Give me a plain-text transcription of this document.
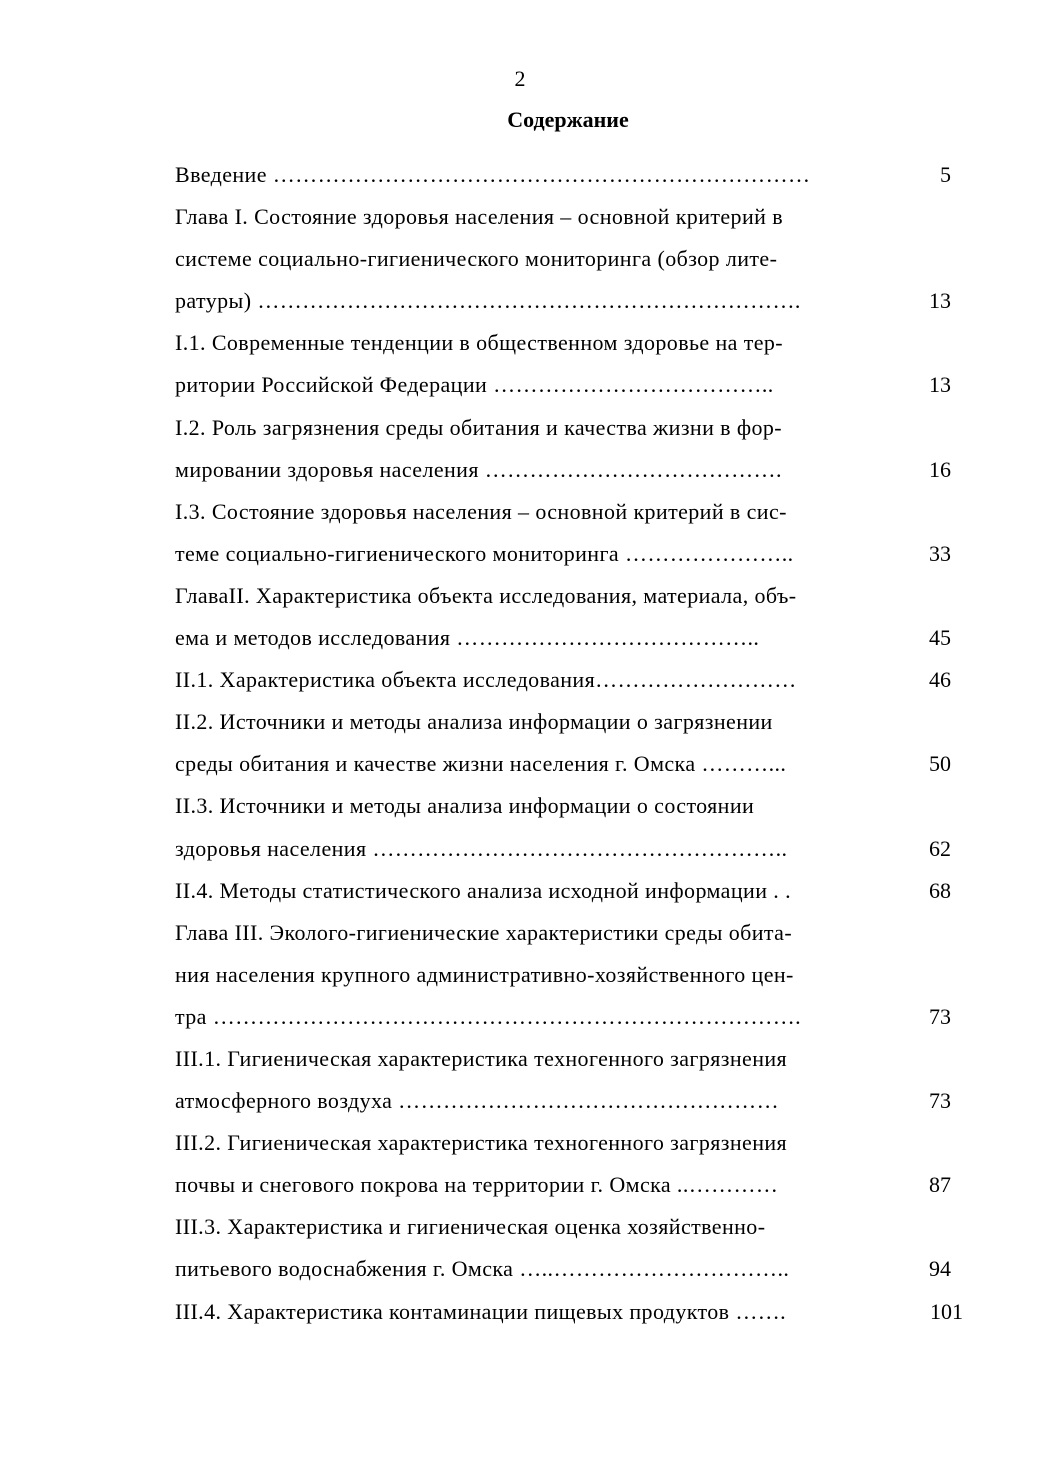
2
Содержание
Введение ………………………………………………………………	5
Глава I. Состояние здоровья населения – основной критерий в
системе социально-гигиенического мониторинга (обзор лите-
ратуры) ……………………………………………………………….	13
I.1. Современные тенденции в общественном здоровье на тер-
ритории Российской Федерации ………………………………..	13
I.2. Роль загрязнения среды обитания и качества жизни в фор-
мировании здоровья населения ………………………………….	16
I.3. Состояние здоровья населения – основной критерий в сис-
теме социально-гигиенического мониторинга …………………..	33
ГлаваII. Характеристика объекта исследования, материала, объ-
ема и методов исследования …………………………………..	45
II.1. Характеристика объекта исследования………………………	46
II.2. Источники и методы анализа информации о загрязнении
среды обитания и качестве жизни населения г. Омска ………...	50
II.3. Источники и методы анализа информации о состоянии
здоровья населения ………………………………………………..	62
II.4. Методы статистического анализа исходной информации . .	68
Глава III. Эколого-гигиенические характеристики среды обита-
ния населения крупного административно-хозяйственного цен-
тра …………………………………………………………………….	73
III.1. Гигиеническая характеристика техногенного загрязнения
атмосферного воздуха ……………………………………………	73
III.2. Гигиеническая характеристика техногенного загрязнения
почвы и снегового покрова на территории г. Омска ..…………	87
III.3. Характеристика и гигиеническая оценка хозяйственно-
питьевого водоснабжения г. Омска …..…………………………..	94
III.4. Характеристика контаминации пищевых продуктов …….	101
